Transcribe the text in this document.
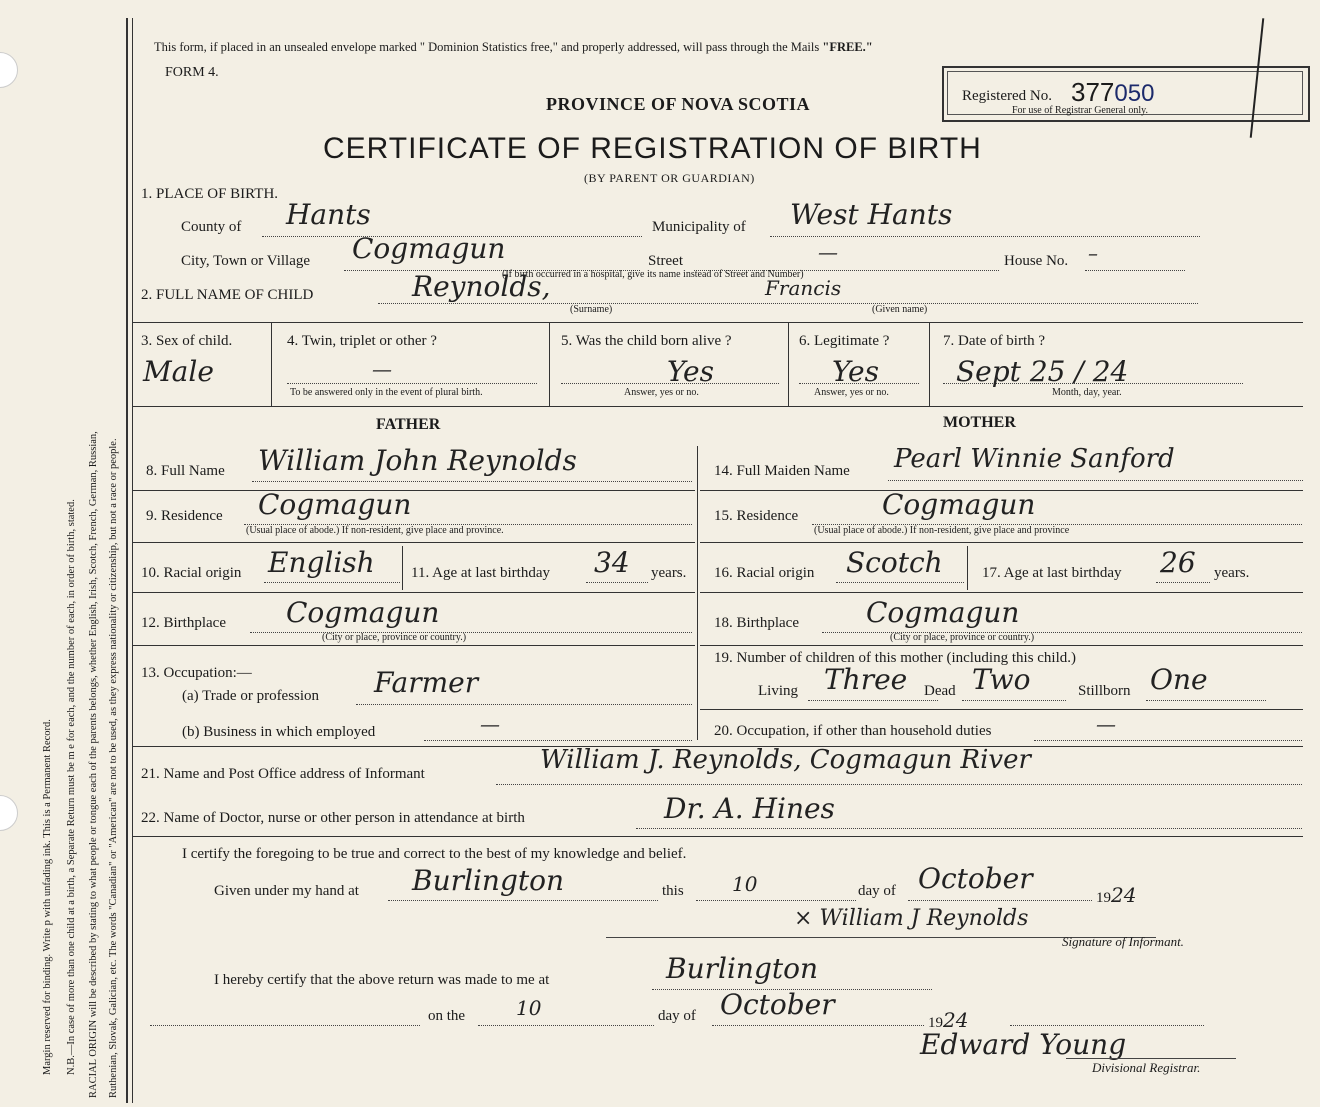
Margin reserved for binding. Write p with unfading ink. This is a Permanent Record. N.B.—In case of more than one child at a birth, a Separate Return must be m e for each, and the number of each, in order of birth, stated. RACIAL ORIGIN will be described by stating to what people or tongue each of the parents belongs, whether English, Irish, Scotch, French, German, Russian, Ruthenian, Slovak, Galician, etc. The words "Canadian" or "American" are not to be used, as they express nationality or citizenship, but not a race or people.
This form, if placed in an unsealed envelope marked " Dominion Statistics free," and properly addressed, will pass through the Mails "FREE."
FORM 4.
PROVINCE OF NOVA SCOTIA
CERTIFICATE OF REGISTRATION OF BIRTH
(BY PARENT OR GUARDIAN)
Registered No. 377050
For use of Registrar General only.
1. PLACE OF BIRTH.
County of Hants	Municipality of West Hants
City, Town or Village Cogmagun	Street	—	House No. –
(If birth occurred in a hospital, give its name instead of Street and Number)
2. FULL NAME OF CHILD	Reynolds,	Francis
(Surname)	(Given name)
3. Sex of child.
Male
4. Twin, triplet or other ?
—
To be answered only in the event of plural birth.
5. Was the child born alive ?
Yes
Answer, yes or no.
6. Legitimate ?
Yes
Answer, yes or no.
7. Date of birth ?
Sept 25 / 24
Month, day, year.
FATHER	MOTHER
8. Full Name William John Reynolds
9. Residence Cogmagun
(Usual place of abode.) If non-resident, give place and province.
10. Racial origin English 11. Age at last birthday 34 years.
12. Birthplace Cogmagun
(City or place, province or country.)
13. Occupation:—
(a) Trade or profession Farmer
(b) Business in which employed	—
14. Full Maiden Name Pearl Winnie Sanford
15. Residence	Cogmagun
(Usual place of abode.) If non-resident, give place and province
16. Racial origin Scotch	17. Age at last birthday 26 years.
18. Birthplace Cogmagun
(City or place, province or country.)
19. Number of children of this mother (including this child.)
Living Three Dead Two	Stillborn One
20. Occupation, if other than household duties	—
21. Name and Post Office address of Informant	William J. Reynolds, Cogmagun River
22. Name of Doctor, nurse or other person in attendance at birth	Dr. A. Hines
I certify the foregoing to be true and correct to the best of my knowledge and belief.
Given under my hand at Burlington	this 10	day of October
1924
× William J Reynolds
Signature of Informant.
I hereby certify that the above return was made to me at	Burlington
on the	10	day of October
1924
Edward Young
Divisional Registrar.
